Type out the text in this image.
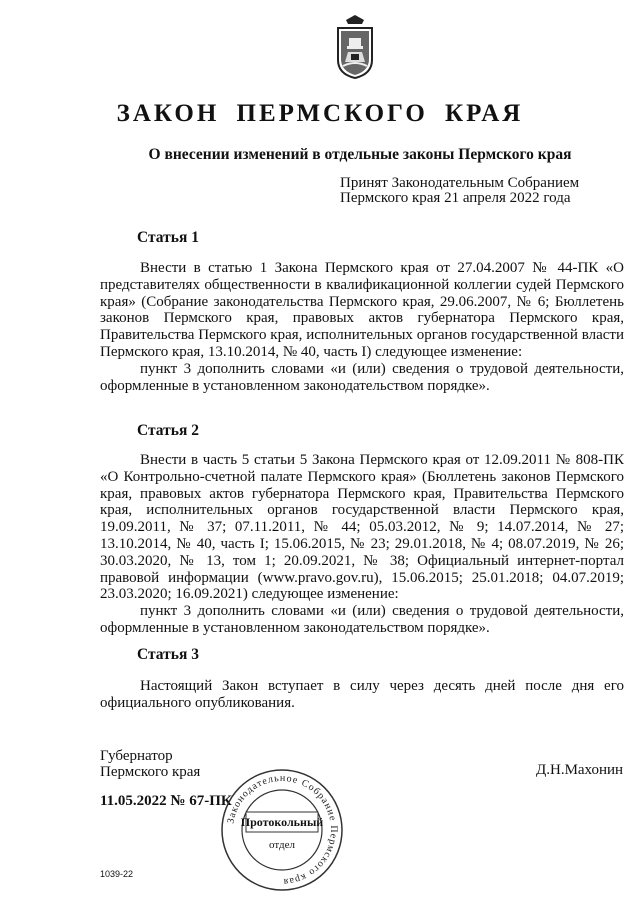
ЗАКОН ПЕРМСКОГО КРАЯ
О внесении изменений в отдельные законы Пермского края
Принят Законодательным Собранием
Пермского края 21 апреля 2022 года
Статья 1

Внести в статью 1 Закона Пермского края от 27.04.2007 № 44-ПК «О представителях общественности в квалификационной коллегии судей Пермского края» (Собрание законодательства Пермского края, 29.06.2007, № 6; Бюллетень законов Пермского края, правовых актов губернатора Пермского края, Правительства Пермского края, исполнительных органов государственной власти Пермского края, 13.10.2014, № 40, часть I) следующее изменение:

пункт 3 дополнить словами «и (или) сведения о трудовой деятельности, оформленные в установленном законодательством порядке».

Статья 2

Внести в часть 5 статьи 5 Закона Пермского края от 12.09.2011 № 808-ПК «О Контрольно-счетной палате Пермского края» (Бюллетень законов Пермского края, правовых актов губернатора Пермского края, Правительства Пермского края, исполнительных органов государственной власти Пермского края, 19.09.2011, № 37; 07.11.2011, № 44; 05.03.2012, № 9; 14.07.2014, № 27; 13.10.2014, № 40, часть I; 15.06.2015, № 23; 29.01.2018, № 4; 08.07.2019, № 26; 30.03.2020, № 13, том 1; 20.09.2021, № 38; Официальный интернет-портал правовой информации (www.pravo.gov.ru), 15.06.2015; 25.01.2018; 04.07.2019; 23.03.2020; 16.09.2021) следующее изменение:

пункт 3 дополнить словами «и (или) сведения о трудовой деятельности, оформленные в установленном законодательством порядке».

Статья 3

Настоящий Закон вступает в силу через десять дней после дня его официального опубликования.

Губернатор
Пермского края	Д.Н.Махонин
11.05.2022 № 67-ПК
Законодательное Собрание Пермского края
Протокольный
отдел
1039-22
